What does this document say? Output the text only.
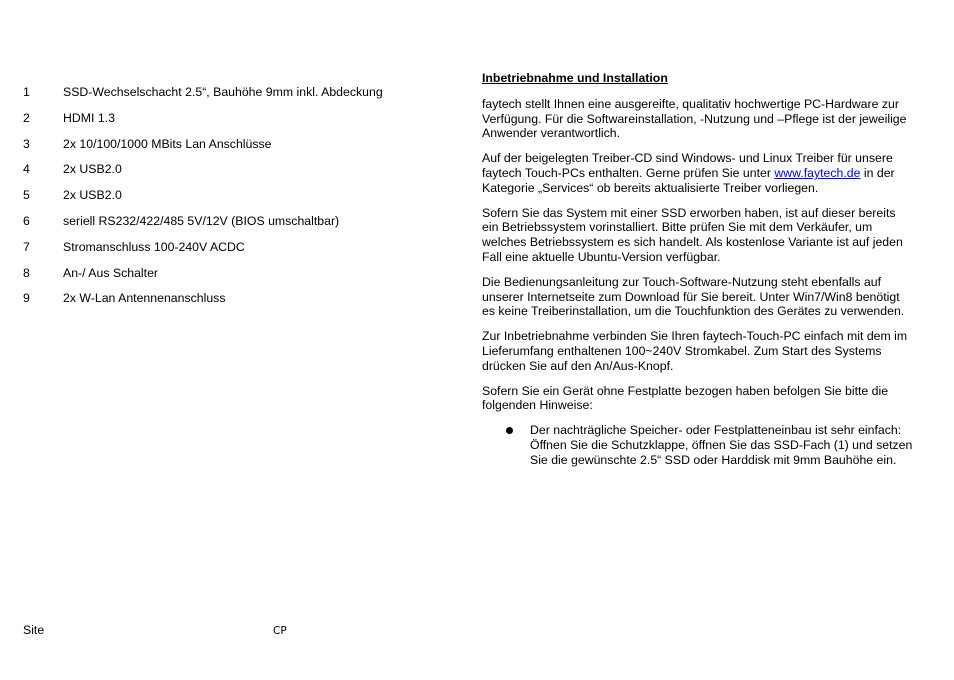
1	SSD-Wechselschacht 2.5“, Bauhöhe 9mm inkl. Abdeckung
2	HDMI 1.3
3	2x 10/100/1000 MBits Lan Anschlüsse
4	2x USB2.0
5	2x USB2.0
6	seriell RS232/422/485 5V/12V (BIOS umschaltbar)
7	Stromanschluss 100-240V ACDC
8	An-/ Aus Schalter
9	2x W-Lan Antennenanschluss
Inbetriebnahme und Installation
faytech stellt Ihnen eine ausgereifte, qualitativ hochwertige PC-Hardware zur Verfügung. Für die Softwareinstallation, -Nutzung und –Pflege ist der jeweilige Anwender verantwortlich.
Auf der beigelegten Treiber-CD sind Windows- und Linux Treiber für unsere faytech Touch-PCs enthalten. Gerne prüfen Sie unter www.faytech.de in der Kategorie „Services“ ob bereits aktualisierte Treiber vorliegen.
Sofern Sie das System mit einer SSD erworben haben, ist auf dieser bereits ein Betriebssystem vorinstalliert. Bitte prüfen Sie mit dem Verkäufer, um welches Betriebssystem es sich handelt. Als kostenlose Variante ist auf jeden Fall eine aktuelle Ubuntu-Version verfügbar.
Die Bedienungsanleitung zur Touch-Software-Nutzung steht ebenfalls auf unserer Internetseite zum Download für Sie bereit. Unter Win7/Win8 benötigt es keine Treiberinstallation, um die Touchfunktion des Gerätes zu verwenden.
Zur Inbetriebnahme verbinden Sie Ihren faytech-Touch-PC einfach mit dem im Lieferumfang enthaltenen 100~240V Stromkabel. Zum Start des Systems drücken Sie auf den An/Aus-Knopf.
Sofern Sie ein Gerät ohne Festplatte bezogen haben befolgen Sie bitte die folgenden Hinweise:
Der nachträgliche Speicher- oder Festplatteneinbau ist sehr einfach: Öffnen Sie die Schutzklappe, öffnen Sie das SSD-Fach (1) und setzen Sie die gewünschte 2.5“ SSD oder Harddisk mit 9mm Bauhöhe ein.
Site	CP
